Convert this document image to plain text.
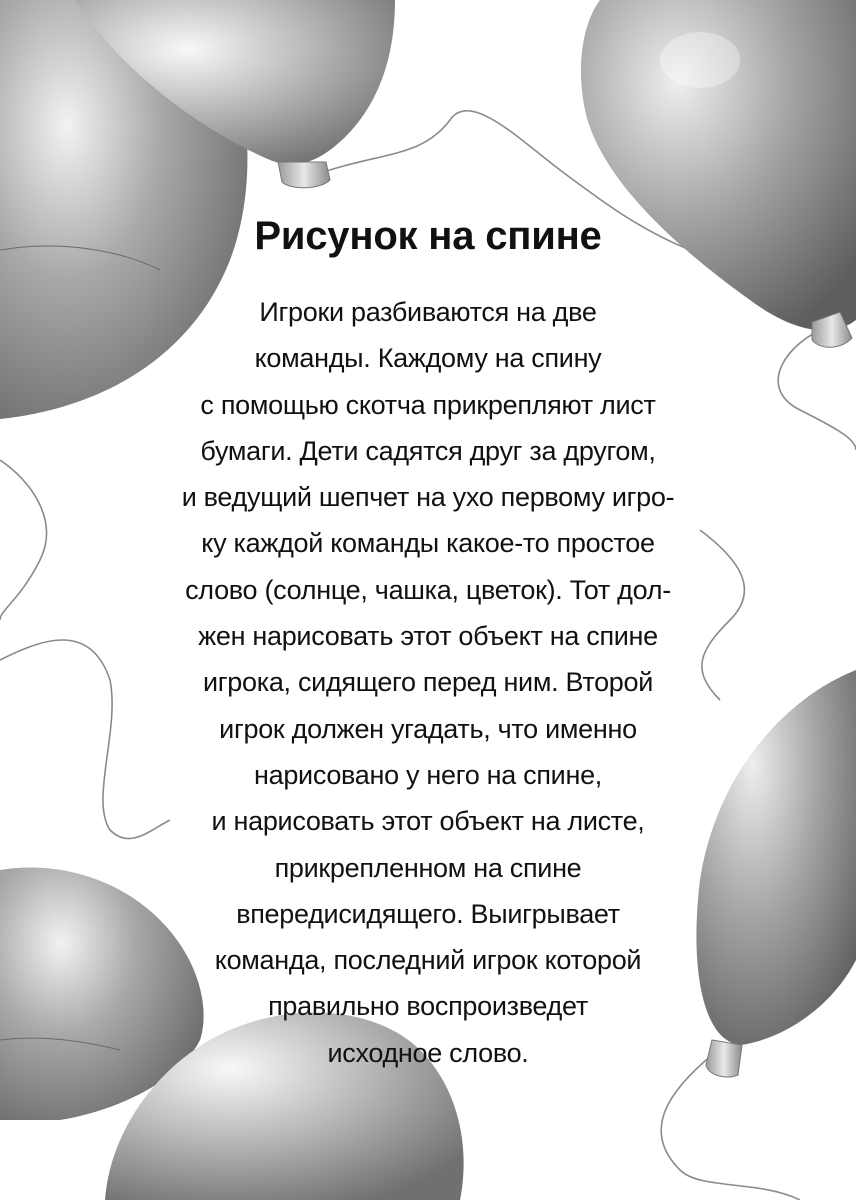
Рисунок на спине
Игроки разбиваются на две
команды. Каждому на спину
с помощью скотча прикрепляют лист
бумаги. Дети садятся друг за другом,
и ведущий шепчет на ухо первому игро-
ку каждой команды какое-то простое
слово (солнце, чашка, цветок). Тот дол-
жен нарисовать этот объект на спине
игрока, сидящего перед ним. Второй
игрок должен угадать, что именно
нарисовано у него на спине,
и нарисовать этот объект на листе,
прикрепленном на спине
впередисидящего. Выигрывает
команда, последний игрок которой
правильно воспроизведет
исходное слово.
